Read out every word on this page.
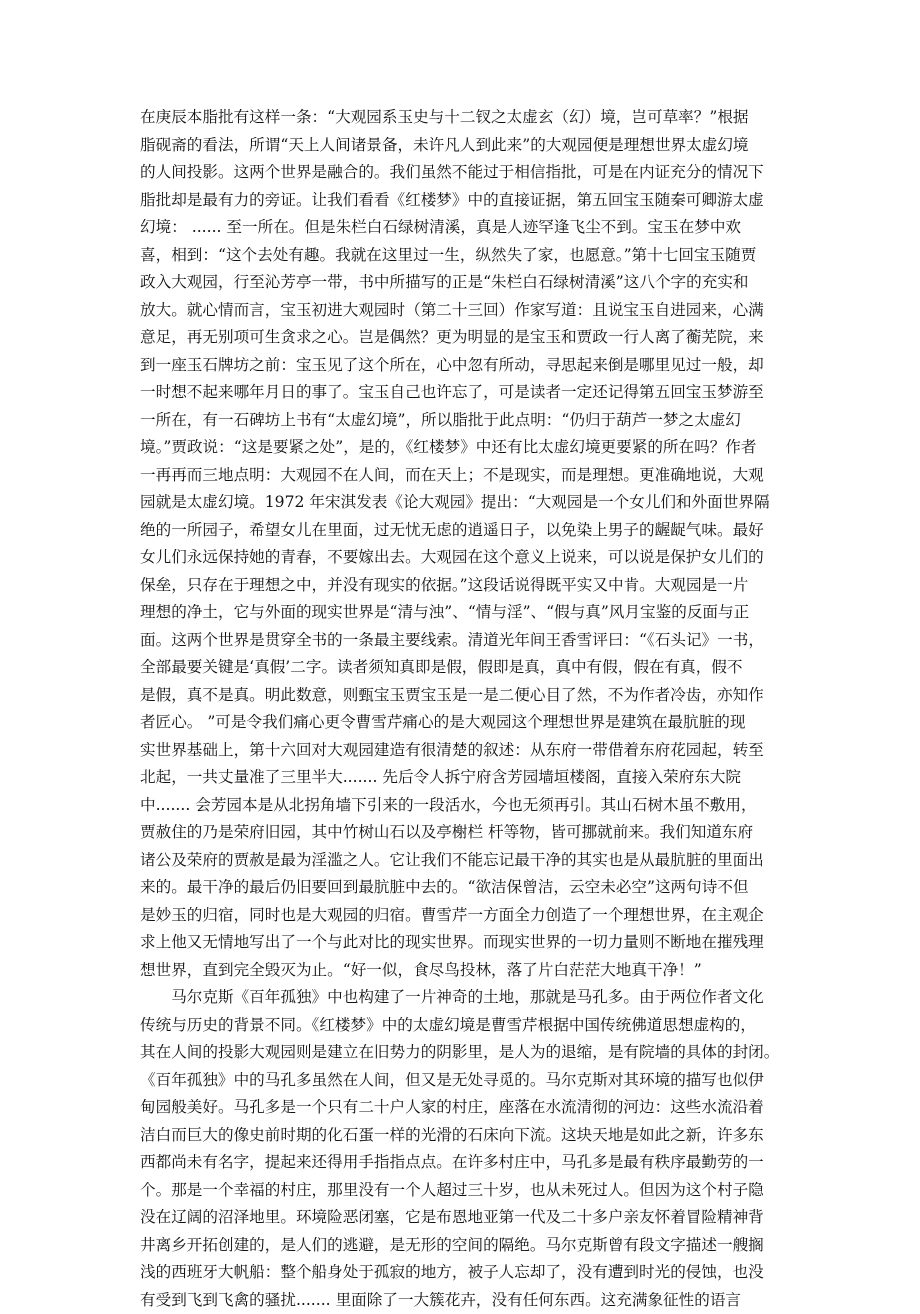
在庚辰本脂批有这样一条：“大观园系玉史与十二钗之太虚玄（幻）境，岂可草率？”根据
脂砚斋的看法，所谓“天上人间诸景备，未许凡人到此来”的大观园便是理想世界太虚幻境
的人间投影。这两个世界是融合的。我们虽然不能过于相信指批，可是在内证充分的情况下
脂批却是最有力的旁证。让我们看看《红楼梦》中的直接证据，第五回宝玉随秦可卿游太虚
幻境： ...... 至一所在。但是朱栏白石绿树清溪，真是人迹罕逢飞尘不到。宝玉在梦中欢
喜，相到：“这个去处有趣。我就在这里过一生，纵然失了家，也愿意。”第十七回宝玉随贾
政入大观园，行至沁芳亭一带，书中所描写的正是“朱栏白石绿树清溪”这八个字的充实和
放大。就心情而言，宝玉初进大观园时（第二十三回）作家写道：且说宝玉自进园来，心满
意足，再无别项可生贪求之心。岂是偶然？更为明显的是宝玉和贾政一行人离了蘅芜院，来
到一座玉石牌坊之前：宝玉见了这个所在，心中忽有所动，寻思起来倒是哪里见过一般，却
一时想不起来哪年月日的事了。宝玉自己也许忘了，可是读者一定还记得第五回宝玉梦游至
一所在，有一石碑坊上书有“太虚幻境”，所以脂批于此点明：“仍归于葫芦一梦之太虚幻
境。”贾政说：“这是要紧之处”，是的，《红楼梦》中还有比太虚幻境更要紧的所在吗？作者
一再再而三地点明：大观园不在人间，而在天上；不是现实，而是理想。更准确地说，大观
园就是太虚幻境。1972 年宋淇发表《论大观园》提出：“大观园是一个女儿们和外面世界隔
绝的一所园子，希望女儿在里面，过无忧无虑的逍遥日子，以免染上男子的龌龊气味。最好
女儿们永远保持她的青春，不要嫁出去。大观园在这个意义上说来，可以说是保护女儿们的
保垒，只存在于理想之中，并没有现实的依据。”这段话说得既平实又中肯。大观园是一片
理想的净土，它与外面的现实世界是“清与浊”、“情与淫”、“假与真”风月宝鉴的反面与正
面。这两个世界是贯穿全书的一条最主要线索。清道光年间王香雪评曰：“《石头记》一书，
全部最要关键是‘真假’二字。读者须知真即是假，假即是真，真中有假，假在有真，假不
是假，真不是真。明此数意，则甄宝玉贾宝玉是一是二便心目了然，不为作者冷齿，亦知作
者匠心。 ”可是令我们痛心更令曹雪芹痛心的是大观园这个理想世界是建筑在最肮脏的现
实世界基础上，第十六回对大观园建造有很清楚的叙述：从东府一带借着东府花园起，转至
北起，一共丈量准了三里半大....... 先后令人拆宁府含芳园墙垣楼阁，直接入荣府东大院
中....... 会芳园本是从北拐角墙下引来的一段活水，今也无须再引。其山石树木虽不敷用，
贾赦住的乃是荣府旧园，其中竹树山石以及亭榭栏 杆等物，皆可挪就前来。我们知道东府
诸公及荣府的贾赦是最为淫滥之人。它让我们不能忘记最干净的其实也是从最肮脏的里面出
来的。最干净的最后仍旧要回到最肮脏中去的。“欲洁保曾洁，云空未必空”这两句诗不但
是妙玉的归宿，同时也是大观园的归宿。曹雪芹一方面全力创造了一个理想世界，在主观企
求上他又无情地写出了一个与此对比的现实世界。而现实世界的一切力量则不断地在摧残理
想世界，直到完全毁灭为止。“好一似，食尽鸟投林，落了片白茫茫大地真干净！”
　　马尔克斯《百年孤独》中也构建了一片神奇的土地，那就是马孔多。由于两位作者文化
传统与历史的背景不同。《红楼梦》中的太虚幻境是曹雪芹根据中国传统佛道思想虚构的，
其在人间的投影大观园则是建立在旧势力的阴影里，是人为的退缩，是有院墙的具体的封闭。
《百年孤独》中的马孔多虽然在人间，但又是无处寻觅的。马尔克斯对其环境的描写也似伊
甸园般美好。马孔多是一个只有二十户人家的村庄，座落在水流清彻的河边：这些水流沿着
洁白而巨大的像史前时期的化石蛋一样的光滑的石床向下流。这块天地是如此之新，许多东
西都尚未有名字，提起来还得用手指指点点。在许多村庄中，马孔多是最有秩序最勤劳的一
个。那是一个幸福的村庄，那里没有一个人超过三十岁，也从未死过人。但因为这个村子隐
没在辽阔的沼泽地里。环境险恶闭塞，它是布恩地亚第一代及二十多户亲友怀着冒险精神背
井离乡开拓创建的，是人们的逃避，是无形的空间的隔绝。马尔克斯曾有段文字描述一艘搁
浅的西班牙大帆船：整个船身处于孤寂的地方，被子人忘却了，没有遭到时光的侵蚀，也没
有受到飞到飞禽的骚扰....... 里面除了一大簇花卉，没有任何东西。这充满象征性的语言
